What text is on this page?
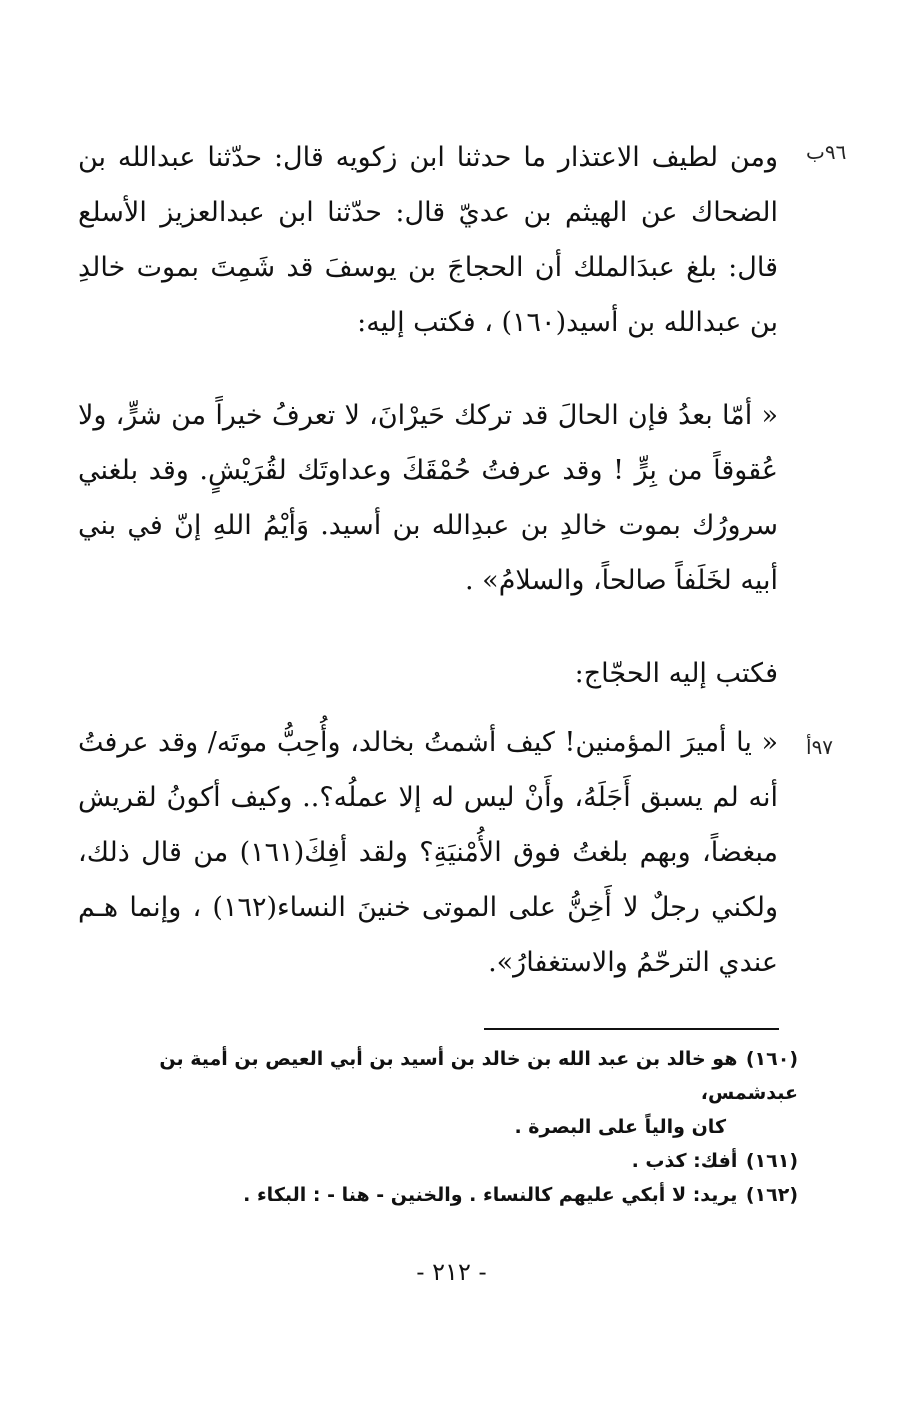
٩٦ب

ومن لطيف الاعتذار ما حدثنا ابن زكويه قال: حدّثنا عبدالله بن الضحاك عن الهيثم بن عديّ قال: حدّثنا ابن عبدالعزيز الأسلع قال: بلغ عبدَالملك أن الحجاجَ بن يوسفَ قد شَمِتَ بموت خالدِ بن عبدالله بن أسيد(١٦٠) ، فكتب إليه:

« أمّا بعدُ فإن الحالَ قد تركك حَيرْانَ، لا تعرفُ خيراً من شرٍّ، ولا عُقوقاً من بِرٍّ ! وقد عرفتُ حُمْقَكَ وعداوتَك لقُرَيْشٍ. وقد بلغني سرورُك بموت خالدِ بن عبدِالله بن أسيد. وَأيْمُ اللهِ إنّ في بني أبيه لخَلَفاً صالحاً، والسلامُ» .

فكتب إليه الحجّاج:

٩٧أ

« يا أميرَ المؤمنين! كيف أشمتُ بخالد، وأُحِبُّ موتَه/ وقد عرفتُ أنه لم يسبق أَجَلَهُ، وأَنْ ليس له إلا عملُه؟.. وكيف أكونُ لقريش مبغضاً، وبهم بلغتُ فوق الأُمْنيَةِ؟ ولقد أفِكَ(١٦١) من قال ذلك، ولكني رجلٌ لا أَخِنُّ على الموتى خنينَ النساء(١٦٢) ، وإنما هـم عندي الترحّمُ والاستغفارُ».

(١٦٠) هو خالد بن عبد الله بن خالد بن أسيد بن أبي العيص بن أمية بن عبدشمس،

كان والياً على البصرة .

(١٦١) أفك: كذب .

(١٦٢) يريد: لا أبكي عليهم كالنساء . والخنين - هنا - : البكاء .

- ٢١٢ -
